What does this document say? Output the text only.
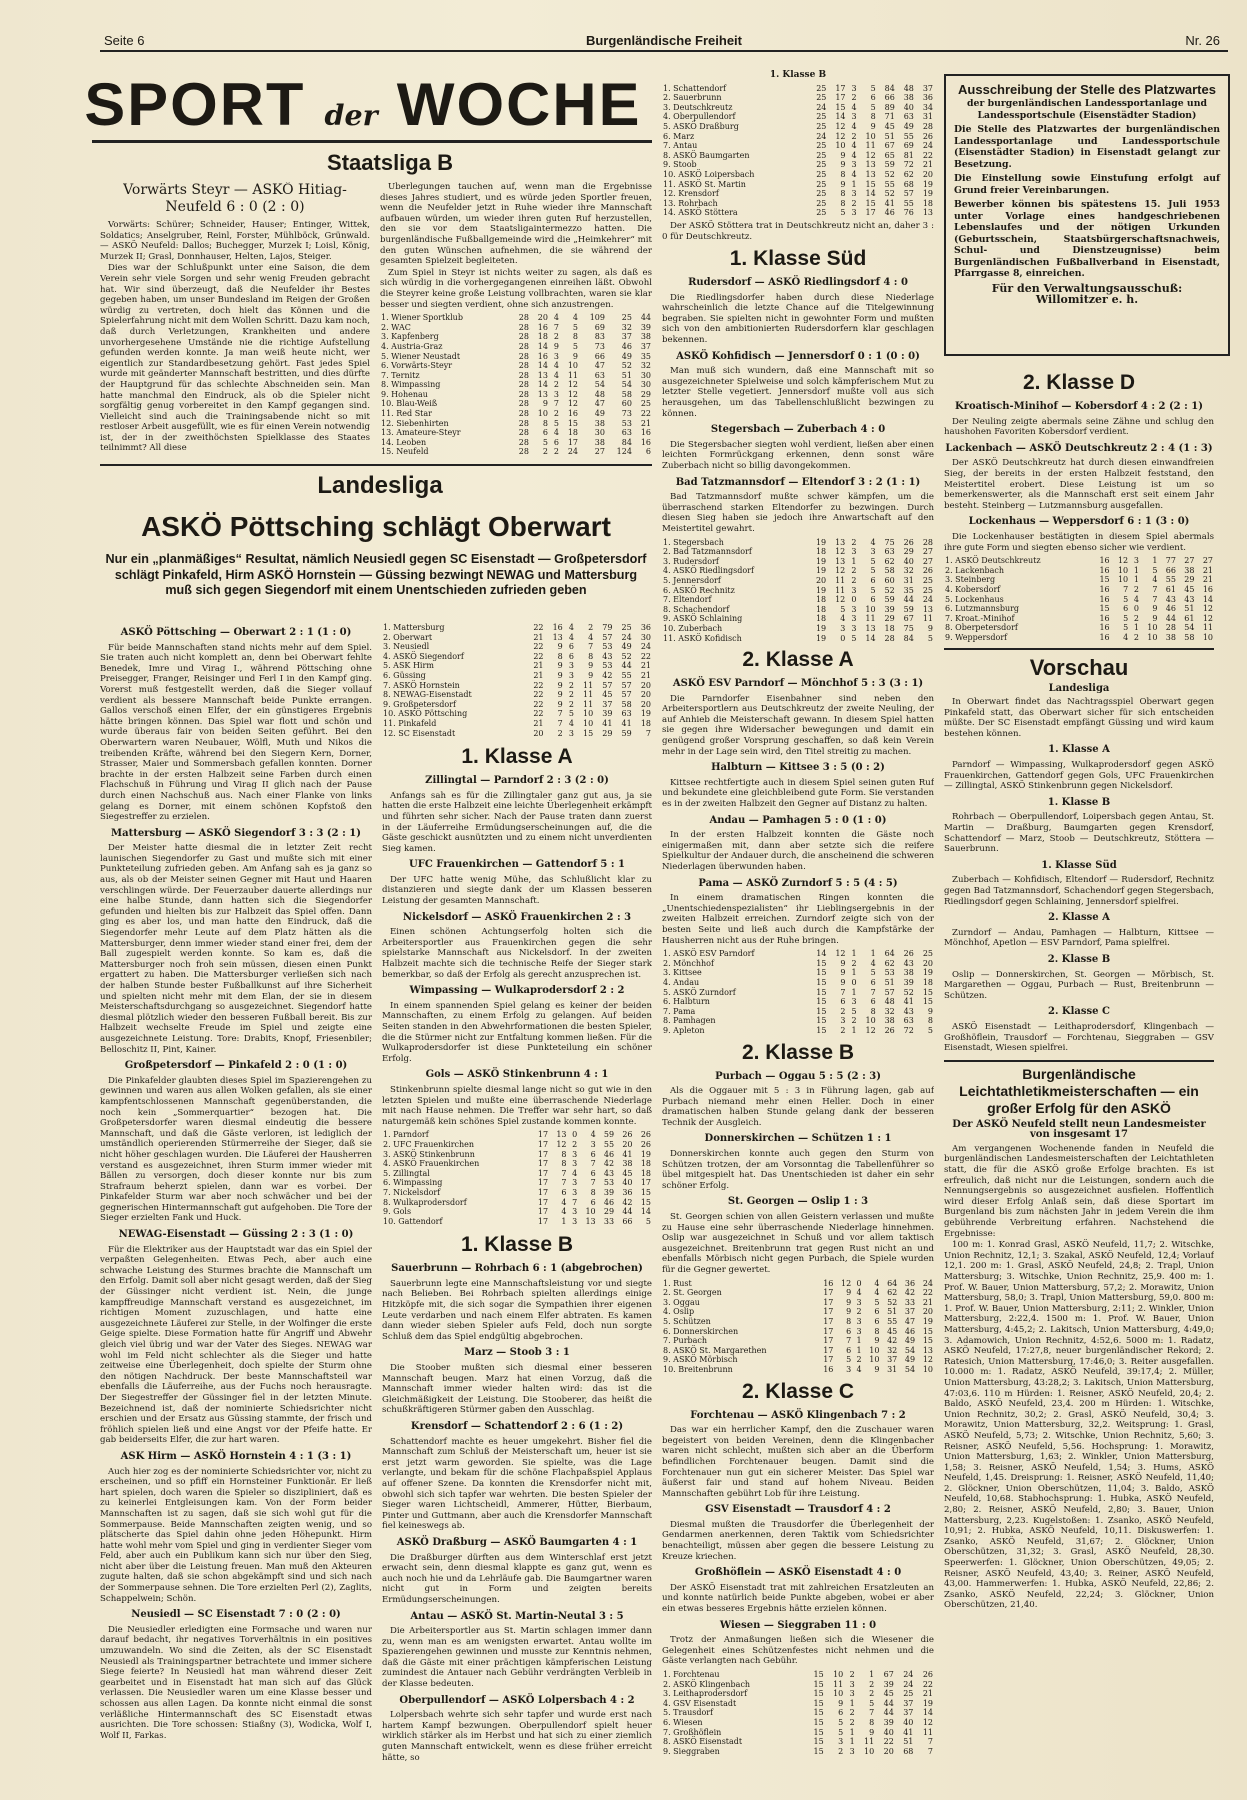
Seite 6	Burgenländische Freiheit	Nr. 26
SPORT der WOCHE
Staatsliga B
Vorwärts Steyr — ASKÖ Hitiag-Neufeld 6 : 0 (2 : 0)

Vorwärts: Schürer; Schneider, Hauser; Entinger, Wittek, Soldatics; Anselgruber, Reinl, Forster, Mühlböck, Grünwald. — ASKÖ Neufeld: Dallos; Buchegger, Murzek I; Loisl, König, Murzek II; Grasl, Donnhauser, Helten, Lajos, Steiger.

Dies war der Schlußpunkt unter eine Saison, die dem Verein sehr viele Sorgen und sehr wenig Freuden gebracht hat. Wir sind überzeugt, daß die Neufelder ihr Bestes gegeben haben, um unser Bundesland im Reigen der Großen würdig zu vertreten, doch hielt das Können und die Spielerfahrung nicht mit dem Wollen Schritt. Dazu kam noch, daß durch Verletzungen, Krankheiten und andere unvorhergesehene Umstände nie die richtige Aufstellung gefunden werden konnte. Ja man weiß heute nicht, wer eigentlich zur Standardbesetzung gehört. Fast jedes Spiel wurde mit geänderter Mannschaft bestritten, und dies dürfte der Hauptgrund für das schlechte Abschneiden sein. Man hatte manchmal den Eindruck, als ob die Spieler nicht sorgfältig genug vorbereitet in den Kampf gegangen sind. Vielleicht sind auch die Trainingsabende nicht so mit restloser Arbeit ausgefüllt, wie es für einen Verein notwendig ist, der in der zweithöchsten Spielklasse des Staates teilnimmt? All diese

Überlegungen tauchen auf, wenn man die Ergebnisse dieses Jahres studiert, und es würde jeden Sportler freuen, wenn die Neufelder jetzt in Ruhe wieder ihre Mannschaft aufbauen würden, um wieder ihren guten Ruf herzustellen, den sie vor dem Staatsligaintermezzo hatten. Die burgenländische Fußballgemeinde wird die „Heimkehrer“ mit den guten Wünschen aufnehmen, die sie während der gesamten Spielzeit begleiteten.

Zum Spiel in Steyr ist nichts weiter zu sagen, als daß es sich würdig in die vorhergegangenen einreihen läßt. Obwohl die Steyrer keine große Leistung vollbrachten, waren sie klar besser und siegten verdient, ohne sich anzustrengen.

1. Wiener Sportklub	28	20	4	4	109	25	44
2. WAC	28	16	7	5	69	32	39
3. Kapfenberg	28	18	2	8	83	37	38
4. Austria-Graz	28	14	9	5	73	46	37
5. Wiener Neustadt	28	16	3	9	66	49	35
6. Vorwärts-Steyr	28	14	4	10	47	52	32
7. Ternitz	28	13	4	11	63	51	30
8. Wimpassing	28	14	2	12	54	54	30
9. Hohenau	28	13	3	12	48	58	29
10. Blau-Weiß	28	9	7	12	47	60	25
11. Red Star	28	10	2	16	49	73	22
12. Siebenhirten	28	8	5	15	38	53	21
13. Amateure-Steyr	28	6	4	18	30	63	16
14. Leoben	28	5	6	17	38	84	16
15. Neufeld	28	2	2	24	27	124	6
Landesliga
ASKÖ Pöttsching schlägt Oberwart
Nur ein „planmäßiges“ Resultat, nämlich Neusiedl gegen SC Eisenstadt — Großpetersdorf schlägt Pinkafeld, Hirm ASKÖ Hornstein — Güssing bezwingt NEWAG und Mattersburg muß sich gegen Siegendorf mit einem Unentschieden zufrieden geben
ASKÖ Pöttsching — Oberwart 2 : 1 (1 : 0)

Für beide Mannschaften stand nichts mehr auf dem Spiel. Sie traten auch nicht komplett an, denn bei Oberwart fehlte Benedek, Imre und Virag I., während Pöttsching ohne Preisegger, Franger, Reisinger und Ferl I in den Kampf ging. Vorerst muß festgestellt werden, daß die Sieger vollauf verdient als bessere Mannschaft beide Punkte errangen. Gallos verschoß einen Elfer, der ein günstigeres Ergebnis hätte bringen können. Das Spiel war flott und schön und wurde überaus fair von beiden Seiten geführt. Bei den Oberwartern waren Neubauer, Wölfl, Muth und Nikos die treibenden Kräfte, während bei den Siegern Kern, Dorner, Strasser, Maier und Sommersbach gefallen konnten. Dorner brachte in der ersten Halbzeit seine Farben durch einen Flachschuß in Führung und Virag II glich nach der Pause durch einen Nachschuß aus. Nach einer Flanke von links gelang es Dorner, mit einem schönen Kopfstoß den Siegestreffer zu erzielen.

Mattersburg — ASKÖ Siegendorf 3 : 3 (2 : 1)

Der Meister hatte diesmal die in letzter Zeit recht launischen Siegendorfer zu Gast und mußte sich mit einer Punkteteilung zufrieden geben. Am Anfang sah es ja ganz so aus, als ob der Meister seinen Gegner mit Haut und Haaren verschlingen würde. Der Feuerzauber dauerte allerdings nur eine halbe Stunde, dann hatten sich die Siegendorfer gefunden und hielten bis zur Halbzeit das Spiel offen. Dann ging es aber los, und man hatte den Eindruck, daß die Siegendorfer mehr Leute auf dem Platz hätten als die Mattersburger, denn immer wieder stand einer frei, dem der Ball zugespielt werden konnte. So kam es, daß die Mattersburger noch froh sein müssen, diesen einen Punkt ergattert zu haben. Die Mattersburger verließen sich nach der halben Stunde bester Fußballkunst auf ihre Sicherheit und spielten nicht mehr mit dem Elan, der sie in diesem Meisterschaftsdurchgang so ausgezeichnet. Siegendorf hatte diesmal plötzlich wieder den besseren Fußball bereit. Bis zur Halbzeit wechselte Freude im Spiel und zeigte eine ausgezeichnete Leistung. Tore: Drabits, Knopf, Friesenbiler; Belloschitz II, Pint, Kainer.

Großpetersdorf — Pinkafeld 2 : 0 (1 : 0)

Die Pinkafelder glaubten dieses Spiel im Spazierengehen zu gewinnen und waren aus allen Wolken gefallen, als sie einer kampfentschlossenen Mannschaft gegenüberstanden, die noch kein „Sommerquartier“ bezogen hat. Die Großpetersdorfer waren diesmal eindeutig die bessere Mannschaft, und daß die Gäste verloren, ist lediglich der umständlich operierenden Stürmerreihe der Sieger, daß sie nicht höher geschlagen wurden. Die Läuferei der Hausherren verstand es ausgezeichnet, ihren Sturm immer wieder mit Bällen zu versorgen, doch dieser konnte nur bis zum Strafraum beherzt spielen, dann war es vorbei. Der Pinkafelder Sturm war aber noch schwächer und bei der gegnerischen Hintermannschaft gut aufgehoben. Die Tore der Sieger erzielten Fank und Huck.

NEWAG-Eisenstadt — Güssing 2 : 3 (1 : 0)

Für die Elektriker aus der Hauptstadt war das ein Spiel der verpaßten Gelegenheiten. Etwas Pech, aber auch eine schwache Leistung des Sturmes brachte die Mannschaft um den Erfolg. Damit soll aber nicht gesagt werden, daß der Sieg der Güssinger nicht verdient ist. Nein, die junge kampffreudige Mannschaft verstand es ausgezeichnet, im richtigen Moment zuzuschlagen, und hatte eine ausgezeichnete Läuferei zur Stelle, in der Wolfinger die erste Geige spielte. Diese Formation hatte für Angriff und Abwehr gleich viel übrig und war der Vater des Sieges. NEWAG war wohl im Feld nicht schlechter als die Sieger und hatte zeitweise eine Überlegenheit, doch spielte der Sturm ohne den nötigen Nachdruck. Der beste Mannschaftsteil war ebenfalls die Läuferreihe, aus der Fuchs noch herausragte. Der Siegestreffer der Güssinger fiel in der letzten Minute. Bezeichnend ist, daß der nominierte Schiedsrichter nicht erschien und der Ersatz aus Güssing stammte, der frisch und fröhlich spielen ließ und eine Angst vor der Pfeife hatte. Er gab beiderseits Elfer, die zur hart waren.

ASK Hirm — ASKÖ Hornstein 4 : 1 (3 : 1)

Auch hier zog es der nominierte Schiedsrichter vor, nicht zu erscheinen, und so pfiff ein Hornsteiner Funktionär. Er ließ hart spielen, doch waren die Spieler so diszipliniert, daß es zu keinerlei Entgleisungen kam. Von der Form beider Mannschaften ist zu sagen, daß sie sich wohl gut für die Sommerpause. Beide Mannschaften zeigten wenig, und so plätscherte das Spiel dahin ohne jeden Höhepunkt. Hirm hatte wohl mehr vom Spiel und ging in verdienter Sieger vom Feld, aber auch ein Publikum kann sich nur über den Sieg, nicht aber über die Leistung freuen. Man muß den Akteuren zugute halten, daß sie schon abgekämpft sind und sich nach der Sommerpause sehnen. Die Tore erzielten Perl (2), Zaglits, Schappelwein; Schön.

Neusiedl — SC Eisenstadt 7 : 0 (2 : 0)

Die Neusiedler erledigten eine Formsache und waren nur darauf bedacht, ihr negatives Torverhältnis in ein positives umzuwandeln. Wo sind die Zeiten, als der SC Eisenstadt Neusiedl als Trainingspartner betrachtete und immer sichere Siege feierte? In Neusiedl hat man während dieser Zeit gearbeitet und in Eisenstadt hat man sich auf das Glück verlassen. Die Neusiedler waren um eine Klasse besser und schossen aus allen Lagen. Da konnte nicht einmal die sonst verläßliche Hintermannschaft des SC Eisenstadt etwas ausrichten. Die Tore schossen: Stiaßny (3), Wodicka, Wolf I, Wolf II, Farkas.

1. Mattersburg	22	16	4	2	79	25	36
2. Oberwart	21	13	4	4	57	24	30
3. Neusiedl	22	9	6	7	53	49	24
4. ASKÖ Siegendorf	22	8	6	8	43	52	22
5. ASK Hirm	21	9	3	9	53	44	21
6. Güssing	21	9	3	9	42	55	21
7. ASKÖ Hornstein	22	9	2	11	57	57	20
8. NEWAG-Eisenstadt	22	9	2	11	45	57	20
9. Großpetersdorf	22	9	2	11	37	58	20
10. ASKÖ Pöttsching	22	7	5	10	39	63	19
11. Pinkafeld	21	7	4	10	41	41	18
12. SC Eisenstadt	20	2	3	15	29	59	7
1. Klasse A
Zillingtal — Parndorf 2 : 3 (2 : 0)

Anfangs sah es für die Zillingtaler ganz gut aus, ja sie hatten die erste Halbzeit eine leichte Überlegenheit erkämpft und führten sehr sicher. Nach der Pause traten dann zuerst in der Läuferreihe Ermüdungserscheinungen auf, die die Gäste geschickt ausnützten und zu einem nicht unverdienten Sieg kamen.

UFC Frauenkirchen — Gattendorf 5 : 1

Der UFC hatte wenig Mühe, das Schlußlicht klar zu distanzieren und siegte dank der um Klassen besseren Leistung der gesamten Mannschaft.

Nickelsdorf — ASKÖ Frauenkirchen 2 : 3

Einen schönen Achtungserfolg holten sich die Arbeitersportler aus Frauenkirchen gegen die sehr spielstarke Mannschaft aus Nickelsdorf. In der zweiten Halbzeit machte sich die technische Reife der Sieger stark bemerkbar, so daß der Erfolg als gerecht anzusprechen ist.

Wimpassing — Wulkaprodersdorf 2 : 2

In einem spannenden Spiel gelang es keiner der beiden Mannschaften, zu einem Erfolg zu gelangen. Auf beiden Seiten standen in den Abwehrformationen die besten Spieler, die die Stürmer nicht zur Entfaltung kommen ließen. Für die Wulkaprodersdorfer ist diese Punkteteilung ein schöner Erfolg.

Gols — ASKÖ Stinkenbrunn 4 : 1

Stinkenbrunn spielte diesmal lange nicht so gut wie in den letzten Spielen und mußte eine überraschende Niederlage mit nach Hause nehmen. Die Treffer war sehr hart, so daß naturgemäß kein schönes Spiel zustande kommen konnte.

1. Parndorf	17	13	0	4	59	26	26
2. UFC Frauenkirchen	17	12	2	3	55	20	26
3. ASKÖ Stinkenbrunn	17	8	3	6	46	41	19
4. ASKÖ Frauenkirchen	17	8	3	7	42	38	18
5. Zillingtal	17	7	4	6	43	45	18
6. Wimpassing	17	7	3	7	53	40	17
7. Nickelsdorf	17	6	3	8	39	36	15
8. Wulkaprodersdorf	17	4	7	6	46	42	15
9. Gols	17	4	3	10	29	44	14
10. Gattendorf	17	1	3	13	33	66	5
1. Klasse B
Sauerbrunn — Rohrbach 6 : 1 (abgebrochen)

Sauerbrunn legte eine Mannschaftsleistung vor und siegte nach Belieben. Bei Rohrbach spielten allerdings einige Hitzköpfe mit, die sich sogar die Sympathien ihrer eigenen Leute verdarben und nach einem Elfer abtraten. Es kamen dann wieder sieben Spieler aufs Feld, doch nun sorgte Schluß dem das Spiel endgültig abgebrochen.

Marz — Stoob 3 : 1

Die Stoober mußten sich diesmal einer besseren Mannschaft beugen. Marz hat einen Vorzug, daß die Mannschaft immer wieder halten wird: das ist die Gleichmäßigkeit der Leistung. Die Stooberer, das heißt die schußkräftigeren Stürmer gaben den Ausschlag.

Krensdorf — Schattendorf 2 : 6 (1 : 2)

Schattendorf machte es heuer umgekehrt. Bisher fiel die Mannschaft zum Schluß der Meisterschaft um, heuer ist sie erst jetzt warm geworden. Sie spielte, was die Lage verlangte, und bekam für die schöne Flachpaßspiel Applaus auf offener Szene. Da konnten die Krensdorfer nicht mit, obwohl sich sich tapfer war wehrten. Die besten Spieler der Sieger waren Lichtscheidl, Ammerer, Hütter, Bierbaum, Pinter und Guttmann, aber auch die Krensdorfer Mannschaft fiel keineswegs ab.

ASKÖ Draßburg — ASKÖ Baumgarten 4 : 1

Die Draßburger dürften aus dem Winterschlaf erst jetzt erwacht sein, denn diesmal klappte es ganz gut, wenn es auch noch hie und da Lehrläufe gab. Die Baumgartner waren nicht gut in Form und zeigten bereits Ermüdungserscheinungen.

Antau — ASKÖ St. Martin-Neutal 3 : 5

Die Arbeitersportler aus St. Martin schlagen immer dann zu, wenn man es am wenigsten erwartet. Antau wollte im Spazierengehen gewinnen und musste zur Kenntnis nehmen, daß die Gäste mit einer prächtigen kämpferischen Leistung zumindest die Antauer nach Gebühr verdrängten Verbleib in der Klasse bedeuten.

Oberpullendorf — ASKÖ Lolpersbach 4 : 2

Lolpersbach wehrte sich sehr tapfer und wurde erst nach hartem Kampf bezwungen. Oberpullendorf spielt heuer wirklich stärker als im Herbst und hat sich zu einer ziemlich guten Mannschaft entwickelt, wenn es diese früher erreicht hätte, so

1. Klasse B
1. Schattendorf	25	17	3	5	84	48	37
2. Sauerbrunn	25	17	2	6	66	38	36
3. Deutschkreutz	24	15	4	5	89	40	34
4. Oberpullendorf	25	14	3	8	71	63	31
5. ASKÖ Draßburg	25	12	4	9	45	49	28
6. Marz	24	12	2	10	51	55	26
7. Antau	25	10	4	11	67	69	24
8. ASKÖ Baumgarten	25	9	4	12	65	81	22
9. Stoob	25	9	3	13	59	72	21
10. ASKÖ Loipersbach	25	8	4	13	52	62	20
11. ASKÖ St. Martin	25	9	1	15	55	68	19
12. Krensdorf	25	8	3	14	52	57	19
13. Rohrbach	25	8	2	15	41	55	18
14. ASKÖ Stöttera	25	5	3	17	46	76	13

Der ASKÖ Stöttera trat in Deutschkreutz nicht an, daher 3 : 0 für Deutschkreutz.

1. Klasse Süd
Rudersdorf — ASKÖ Riedlingsdorf 4 : 0

Die Riedlingsdorfer haben durch diese Niederlage wahrscheinlich die letzte Chance auf die Titelgewinnung begraben. Sie spielten nicht in gewohnter Form und mußten sich von den ambitionierten Rudersdorfern klar geschlagen bekennen.

ASKÖ Kohfidisch — Jennersdorf 0 : 1 (0 : 0)

Man muß sich wundern, daß eine Mannschaft mit so ausgezeichneter Spielweise und solch kämpferischem Mut zu letzter Stelle vegetiert. Jennersdorf mußte voll aus sich herausgehen, um das Tabellenschlußlicht bezwingen zu können.

Stegersbach — Zuberbach 4 : 0

Die Stegersbacher siegten wohl verdient, ließen aber einen leichten Formrückgang erkennen, denn sonst wäre Zuberbach nicht so billig davongekommen.

Bad Tatzmannsdorf — Eltendorf 3 : 2 (1 : 1)

Bad Tatzmannsdorf mußte schwer kämpfen, um die überraschend starken Eltendorfer zu bezwingen. Durch diesen Sieg haben sie jedoch ihre Anwartschaft auf den Meistertitel gewahrt.

1. Stegersbach	19	13	2	4	75	26	28
2. Bad Tatzmannsdorf	18	12	3	3	63	29	27
3. Rudersdorf	19	13	1	5	62	40	27
4. ASKÖ Riedlingsdorf	19	12	2	5	58	32	26
5. Jennersdorf	20	11	2	6	60	31	25
6. ASKÖ Rechnitz	19	11	3	5	52	35	25
7. Eltendorf	18	12	0	6	59	44	24
8. Schachendorf	18	5	3	10	39	59	13
9. ASKÖ Schlaining	18	4	3	11	29	67	11
10. Zuberbach	19	3	3	13	18	75	9
11. ASKÖ Kofidisch	19	0	5	14	28	84	5
2. Klasse A
ASKÖ ESV Parndorf — Mönchhof 5 : 3 (3 : 1)

Die Parndorfer Eisenbahner sind neben den Arbeitersportlern aus Deutschkreutz der zweite Neuling, der auf Anhieb die Meisterschaft gewann. In diesem Spiel hatten sie gegen ihre Widersacher bewegungen und damit ein genügend großer Vorsprung geschaffen, so daß kein Verein mehr in der Lage sein wird, den Titel streitig zu machen.

Halbturn — Kittsee 3 : 5 (0 : 2)

Kittsee rechtfertigte auch in diesem Spiel seinen guten Ruf und bekundete eine gleichbleibend gute Form. Sie verstanden es in der zweiten Halbzeit den Gegner auf Distanz zu halten.

Andau — Pamhagen 5 : 0 (1 : 0)

In der ersten Halbzeit konnten die Gäste noch einigermaßen mit, dann aber setzte sich die reifere Spielkultur der Andauer durch, die anscheinend die schweren Niederlagen überwunden haben.

Pama — ASKÖ Zurndorf 5 : 5 (4 : 5)

In einem dramatischen Ringen konnten die „Unentschiedenspezialisten“ ihr Lieblingsergebnis in der zweiten Halbzeit erreichen. Zurndorf zeigte sich von der besten Seite und ließ auch durch die Kampfstärke der Hausherren nicht aus der Ruhe bringen.

1. ASKÖ ESV Parndorf	14	12	1	1	64	26	25
2. Mönchhof	15	9	2	4	62	43	20
3. Kittsee	15	9	1	5	53	38	19
4. Andau	15	9	0	6	51	39	18
5. ASKÖ Zurndorf	15	7	1	7	57	52	15
6. Halbturn	15	6	3	6	48	41	15
7. Pama	15	2	5	8	32	43	9
8. Pamhagen	15	3	2	10	38	63	8
9. Apleton	15	2	1	12	26	72	5
2. Klasse B
Purbach — Oggau 5 : 5 (2 : 3)

Als die Oggauer mit 5 : 3 in Führung lagen, gab auf Purbach niemand mehr einen Heller. Doch in einer dramatischen halben Stunde gelang dank der besseren Technik der Ausgleich.

Donnerskirchen — Schützen 1 : 1

Donnerskirchen konnte auch gegen den Sturm von Schützen trotzen, der am Vorsonntag die Tabellenführer so übel mitgespielt hat. Das Unentschieden ist daher ein sehr schöner Erfolg.

St. Georgen — Oslip 1 : 3

St. Georgen schien von allen Geistern verlassen und mußte zu Hause eine sehr überraschende Niederlage hinnehmen. Oslip war ausgezeichnet in Schuß und vor allem taktisch ausgezeichnet. Breitenbrunn trat gegen Rust nicht an und ebenfalls Mörbisch nicht gegen Purbach, die Spiele wurden für die Gegner gewertet.

1. Rust	16	12	0	4	64	36	24
2. St. Georgen	17	9	4	4	62	42	22
3. Oggau	17	9	3	5	52	33	21
4. Oslip	17	9	2	6	51	37	20
5. Schützen	17	8	3	6	55	47	19
6. Donnerskirchen	17	6	3	8	45	46	15
7. Purbach	17	7	1	9	42	49	15
8. ASKÖ St. Margarethen	17	6	1	10	32	54	13
9. ASKÖ Mörbisch	17	5	2	10	37	49	12
10. Breitenbrunn	16	3	4	9	31	54	10
2. Klasse C
Forchtenau — ASKÖ Klingenbach 7 : 2

Das war ein herrlicher Kampf, den die Zuschauer waren begeistert von beiden Vereinen, denn die Klingenbacher waren nicht schlecht, mußten sich aber an die Überform befindlichen Forchtenauer beugen. Damit sind die Forchtenauer nun gut ein sicherer Meister. Das Spiel war äußerst fair und stand auf hohem Niveau. Beiden Mannschaften gebührt Lob für ihre Leistung.

GSV Eisenstadt — Trausdorf 4 : 2

Diesmal mußten die Trausdorfer die Überlegenheit der Gendarmen anerkennen, deren Taktik vom Schiedsrichter benachteiligt, müssen aber gegen die bessere Leistung zu Kreuze kriechen.

Großhöflein — ASKÖ Eisenstadt 4 : 0

Der ASKÖ Eisenstadt trat mit zahlreichen Ersatzleuten an und konnte natürlich beide Punkte abgeben, wobei er aber ein etwas besseres Ergebnis hätte erzielen können.

Wiesen — Sieggraben 11 : 0

Trotz der Anmaßungen ließen sich die Wiesener die Gelegenheit eines Schützenfestes nicht nehmen und die Gäste verlangten nach Gebühr.

1. Forchtenau	15	10	2	1	67	24	26
2. ASKÖ Klingenbach	15	11	3	2	39	24	22
3. Leithaprodersdorf	15	10	3	2	45	25	21
4. GSV Eisenstadt	15	9	1	5	44	37	19
5. Trausdorf	15	6	2	7	44	37	14
6. Wiesen	15	5	2	8	39	40	12
7. Großhöflein	15	5	1	9	40	41	11
8. ASKÖ Eisenstadt	15	3	1	11	22	51	7
9. Sieggraben	15	2	3	10	20	68	7
Ausschreibung der Stelle des Platzwartes

der burgenländischen Landessportanlage und Landessportschule (Eisenstädter Stadion)

Die Stelle des Platzwartes der burgenländischen Landessportanlage und Landessportschule (Eisenstädter Stadion) in Eisenstadt gelangt zur Besetzung.

Die Einstellung sowie Einstufung erfolgt auf Grund freier Vereinbarungen.

Bewerber können bis spätestens 15. Juli 1953 unter Vorlage eines handgeschriebenen Lebenslaufes und der nötigen Urkunden (Geburtsschein, Staatsbürgerschaftsnachweis, Schul- und Dienstzeugnisse) beim Burgenländischen Fußballverband in Eisenstadt, Pfarrgasse 8, einreichen.

Für den Verwaltungsausschuß: Willomitzer e. h.

2. Klasse D
Kroatisch-Minihof — Kobersdorf 4 : 2 (2 : 1)

Der Neuling zeigte abermals seine Zähne und schlug den haushohen Favoriten Kobersdorf verdient.

Lackenbach — ASKÖ Deutschkreutz 2 : 4 (1 : 3)

Der ASKÖ Deutschkreutz hat durch diesen einwandfreien Sieg, der bereits in der ersten Halbzeit feststand, den Meistertitel erobert. Diese Leistung ist um so bemerkenswerter, als die Mannschaft erst seit einem Jahr besteht. Steinberg — Lutzmannsburg ausgefallen.

Lockenhaus — Weppersdorf 6 : 1 (3 : 0)

Die Lockenhauser bestätigten in diesem Spiel abermals ihre gute Form und siegten ebenso sicher wie verdient.

1. ASKÖ Deutschkreutz	16	12	3	1	77	27	27
2. Lackenbach	16	10	1	5	66	38	21
3. Steinberg	15	10	1	4	55	29	21
4. Kobersdorf	16	7	2	7	61	45	16
5. Lockenhaus	16	5	4	7	43	43	14
6. Lutzmannsburg	15	6	0	9	46	51	12
7. Kroat.-Minihof	16	5	2	9	44	61	12
8. Oberpetersdorf	16	5	1	10	28	54	11
9. Weppersdorf	16	4	2	10	38	58	10
Vorschau
Landesliga

In Oberwart findet das Nachtragsspiel Oberwart gegen Pinkafeld statt, das Oberwart sicher für sich entscheiden müßte. Der SC Eisenstadt empfängt Güssing und wird kaum bestehen können.

1. Klasse A

Parndorf — Wimpassing, Wulkaprodersdorf gegen ASKÖ Frauenkirchen, Gattendorf gegen Gols, UFC Frauenkirchen — Zillingtal, ASKÖ Stinkenbrunn gegen Nickelsdorf.

1. Klasse B

Rohrbach — Oberpullendorf, Loipersbach gegen Antau, St. Martin — Draßburg, Baumgarten gegen Krensdorf, Schattendorf — Marz, Stoob — Deutschkreutz, Stöttera — Sauerbrunn.

1. Klasse Süd

Zuberbach — Kohfidisch, Eltendorf — Rudersdorf, Rechnitz gegen Bad Tatzmannsdorf, Schachendorf gegen Stegersbach, Riedlingsdorf gegen Schlaining, Jennersdorf spielfrei.

2. Klasse A

Zurndorf — Andau, Pamhagen — Halbturn, Kittsee — Mönchhof, Apetlon — ESV Parndorf, Pama spielfrei.

2. Klasse B

Oslip — Donnerskirchen, St. Georgen — Mörbisch, St. Margarethen — Oggau, Purbach — Rust, Breitenbrunn — Schützen.

2. Klasse C

ASKÖ Eisenstadt — Leithaprodersdorf, Klingenbach — Großhöflein, Trausdorf — Forchtenau, Sieggraben — GSV Eisenstadt, Wiesen spielfrei.

Burgenländische Leichtathletikmeisterschaften — ein großer Erfolg für den ASKÖ
Der ASKÖ Neufeld stellt neun Landesmeister von insgesamt 17

Am vergangenen Wochenende fanden in Neufeld die burgenländischen Landesmeisterschaften der Leichtathleten statt, die für die ASKÖ große Erfolge brachten. Es ist erfreulich, daß nicht nur die Leistungen, sondern auch die Nennungsergebnis so ausgezeichnet ausfielen. Hoffentlich wird dieser Erfolg Anlaß sein, daß diese Sportart im Burgenland bis zum nächsten Jahr in jedem Verein die ihm gebührende Verbreitung erfahren. Nachstehend die Ergebnisse:

100 m: 1. Konrad Grasl, ASKÖ Neufeld, 11,7; 2. Witschke, Union Rechnitz, 12,1; 3. Szakal, ASKÖ Neufeld, 12,4; Vorlauf 12,1. 200 m: 1. Grasl, ASKÖ Neufeld, 24,8; 2. Trapl, Union Mattersburg; 3. Witschke, Union Rechnitz, 25,9. 400 m: 1. Prof. W. Bauer, Union Mattersburg, 57,2; 2. Morawitz, Union Mattersburg, 58,0; 3. Trapl, Union Mattersburg, 59,0. 800 m: 1. Prof. W. Bauer, Union Mattersburg, 2:11; 2. Winkler, Union Mattersburg, 2:22,4. 1500 m: 1. Prof. W. Bauer, Union Mattersburg, 4:45,2; 2. Lakitsch, Union Mattersburg, 4:49,0; 3. Adamowich, Union Rechnitz, 4:52,6. 5000 m: 1. Radatz, ASKÖ Neufeld, 17:27,8, neuer burgenländischer Rekord; 2. Ratesich, Union Mattersburg, 17:46,0; 3. Reiter ausgefallen. 10.000 m: 1. Radatz, ASKÖ Neufeld, 39:17,4; 2. Müller, Union Mattersburg, 43:28,2; 3. Lakitsch, Union Mattersburg, 47:03,6. 110 m Hürden: 1. Reisner, ASKÖ Neufeld, 20,4; 2. Baldo, ASKÖ Neufeld, 23,4. 200 m Hürden: 1. Witschke, Union Rechnitz, 30,2; 2. Grasl, ASKÖ Neufeld, 30,4; 3. Morawitz, Union Mattersburg, 32,2. Weitsprung: 1. Grasl, ASKÖ Neufeld, 5,73; 2. Witschke, Union Rechnitz, 5,60; 3. Reisner, ASKÖ Neufeld, 5,56. Hochsprung: 1. Morawitz, Union Mattersburg, 1,63; 2. Winkler, Union Mattersburg, 1,58; 3. Reisner, ASKÖ Neufeld, 1,54; 3. Hums, ASKÖ Neufeld, 1,45. Dreisprung: 1. Reisner, ASKÖ Neufeld, 11,40; 2. Glöckner, Union Oberschützen, 11,04; 3. Baldo, ASKÖ Neufeld, 10,68. Stabhochsprung: 1. Hubka, ASKÖ Neufeld, 2,80; 2. Reisner, ASKÖ Neufeld, 2,80; 3. Bauer, Union Mattersburg, 2,23. Kugelstoßen: 1. Zsanko, ASKÖ Neufeld, 10,91; 2. Hubka, ASKÖ Neufeld, 10,11. Diskuswerfen: 1. Zsanko, ASKÖ Neufeld, 31,67; 2. Glöckner, Union Oberschützen, 31,32; 3. Grasl, ASKÖ Neufeld, 28,30. Speerwerfen: 1. Glöckner, Union Oberschützen, 49,05; 2. Reisner, ASKÖ Neufeld, 43,40; 3. Reiner, ASKÖ Neufeld, 43,00. Hammerwerfen: 1. Hubka, ASKÖ Neufeld, 22,86; 2. Zsanko, ASKÖ Neufeld, 22,24; 3. Glöckner, Union Oberschützen, 21,40.
